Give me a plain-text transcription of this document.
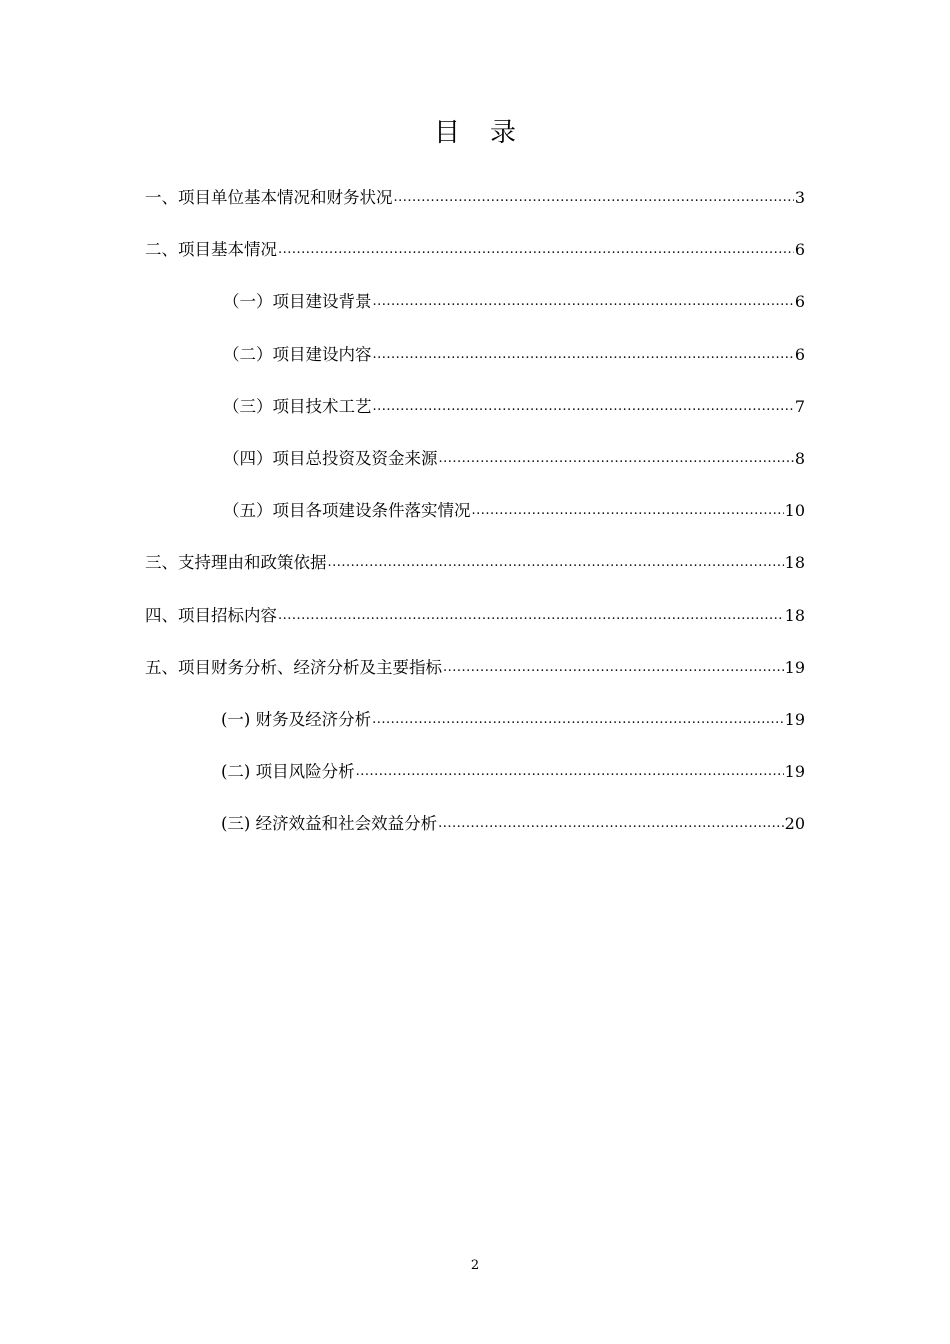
目 录
一、项目单位基本情况和财务状况 .....	3
二、项目基本情况 .....	6
（一）项目建设背景 .....	6
（二）项目建设内容 .....	6
（三）项目技术工艺 .....	7
（四）项目总投资及资金来源 .....	8
（五）项目各项建设条件落实情况 .....	10
三、支持理由和政策依据 .....	18
四、项目招标内容 .....	18
五、项目财务分析、经济分析及主要指标 .....	19
(一) 财务及经济分析 .....	19
(二) 项目风险分析 .....	19
(三) 经济效益和社会效益分析 .....	20
2
